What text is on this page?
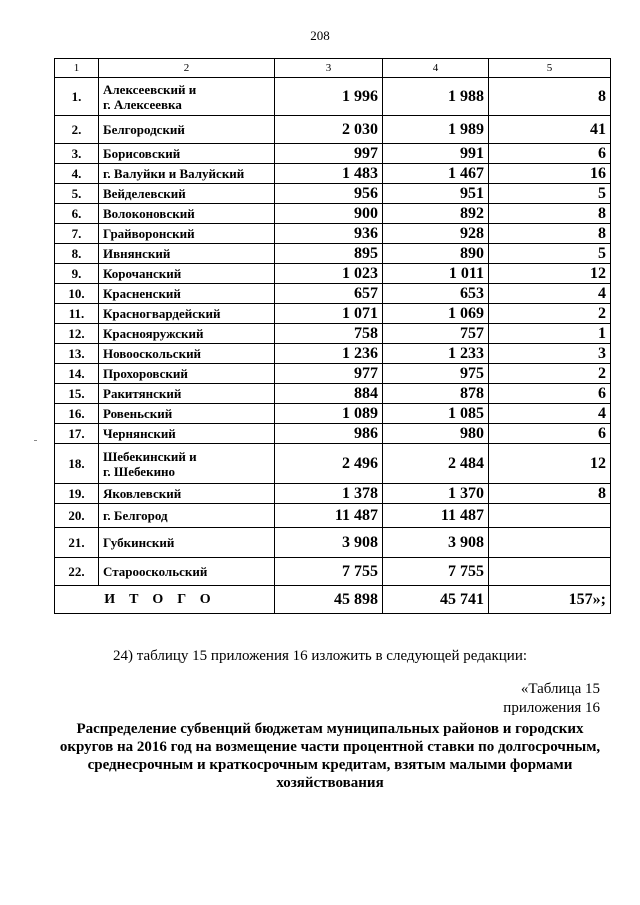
208
1	2	3	4	5
1.	Алексеевский и
г. Алексеевка	1 996	1 988	8
2.	Белгородский	2 030	1 989	41
3.	Борисовский	997	991	6
4.	г. Валуйки и Валуйский	1 483	1 467	16
5.	Вейделевский	956	951	5
6.	Волоконовский	900	892	8
7.	Грайворонский	936	928	8
8.	Ивнянский	895	890	5
9.	Корочанский	1 023	1 011	12
10.	Красненский	657	653	4
11.	Красногвардейский	1 071	1 069	2
12.	Краснояружский	758	757	1
13.	Новооскольский	1 236	1 233	3
14.	Прохоровский	977	975	2
15.	Ракитянский	884	878	6
16.	Ровеньский	1 089	1 085	4
17.	Чернянский	986	980	6
18.	Шебекинский и
г. Шебекино	2 496	2 484	12
19.	Яковлевский	1 378	1 370	8
20.	г. Белгород	11 487	11 487	
21.	Губкинский	3 908	3 908	
22.	Старооскольский	7 755	7 755	
ИТОГО		45 898	45 741	157»;
24) таблицу 15 приложения 16 изложить в следующей редакции:
«Таблица 15
приложения 16
Распределение субвенций бюджетам муниципальных районов и городских округов на 2016 год на возмещение части процентной ставки по долгосрочным, среднесрочным и краткосрочным кредитам, взятым малыми формами хозяйствования
